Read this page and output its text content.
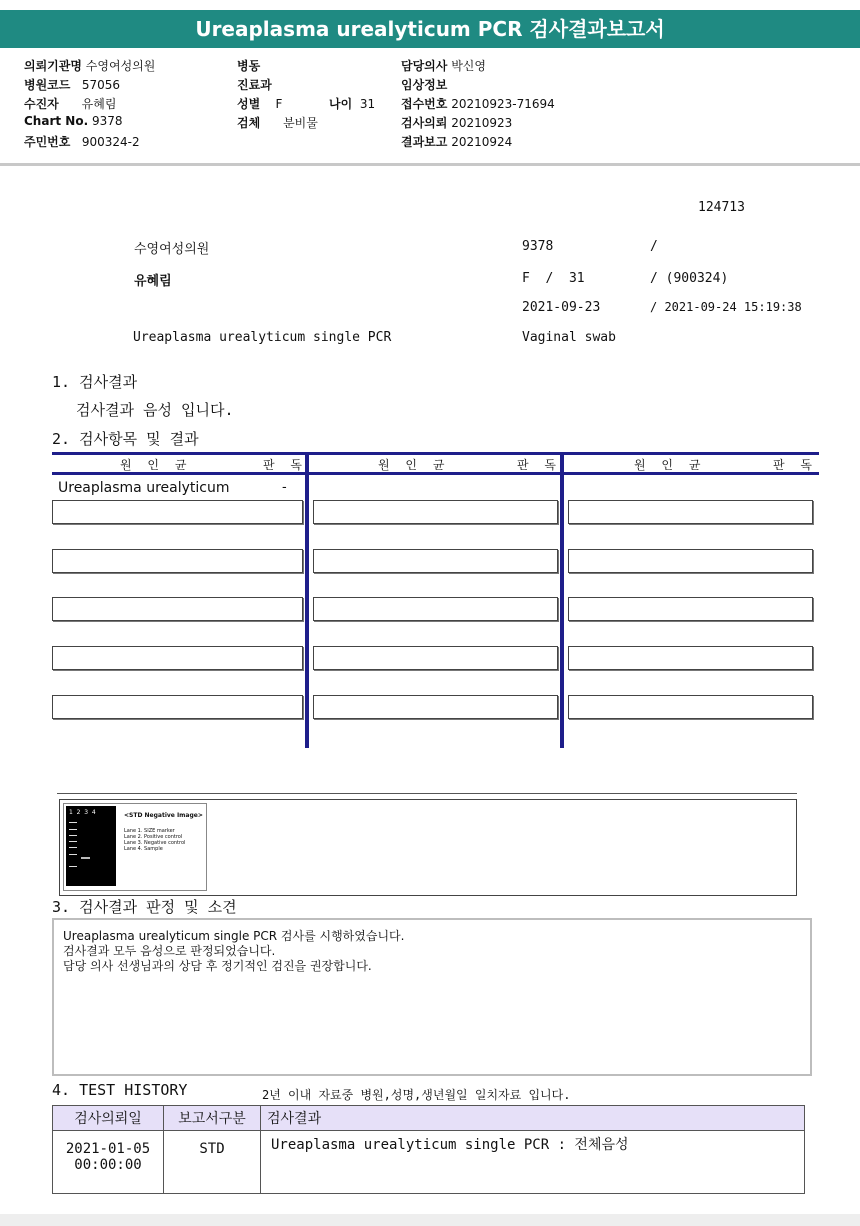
Ureaplasma urealyticum PCR 검사결과보고서
의뢰기관명 수영여성의원
병원코드 57056
수진자 유혜림
Chart No. 9378
주민번호 900324-2
병동
진료과
성별 F	나이 31
검체 분비물
담당의사 박신영
임상정보
접수번호 20210923-71694
검사의뢰 20210923
결과보고 20210924
124713
수영여성의원	9378	/
유혜림	F  /  31	/ (900324)
2021-09-23	/ 2021-09-24 15:19:38
Ureaplasma urealyticum single PCR	Vaginal swab
1. 검사결과
검사결과 음성 입니다.
2. 검사항목 및 결과
원 인 균	판 독	원 인 균	판 독	원 인 균	판 독
Ureaplasma urealyticum	-
1  2  3  4	<STD Negative Image>
Lane 1. SIZE marker
Lane 2. Positive control
Lane 3. Negative control
Lane 4. Sample
3. 검사결과 판정 및 소견
Ureaplasma urealyticum single PCR 검사를 시행하였습니다.
검사결과 모두 음성으로 판정되었습니다.
담당 의사 선생님과의 상담 후 정기적인 검진을 권장합니다.
4. TEST HISTORY	2년 이내 자료중 병원,성명,생년월일 일치자료 입니다.
검사의뢰일	보고서구분	검사결과

2021-01-05
00:00:00	STD	Ureaplasma urealyticum single PCR : 전체음성
